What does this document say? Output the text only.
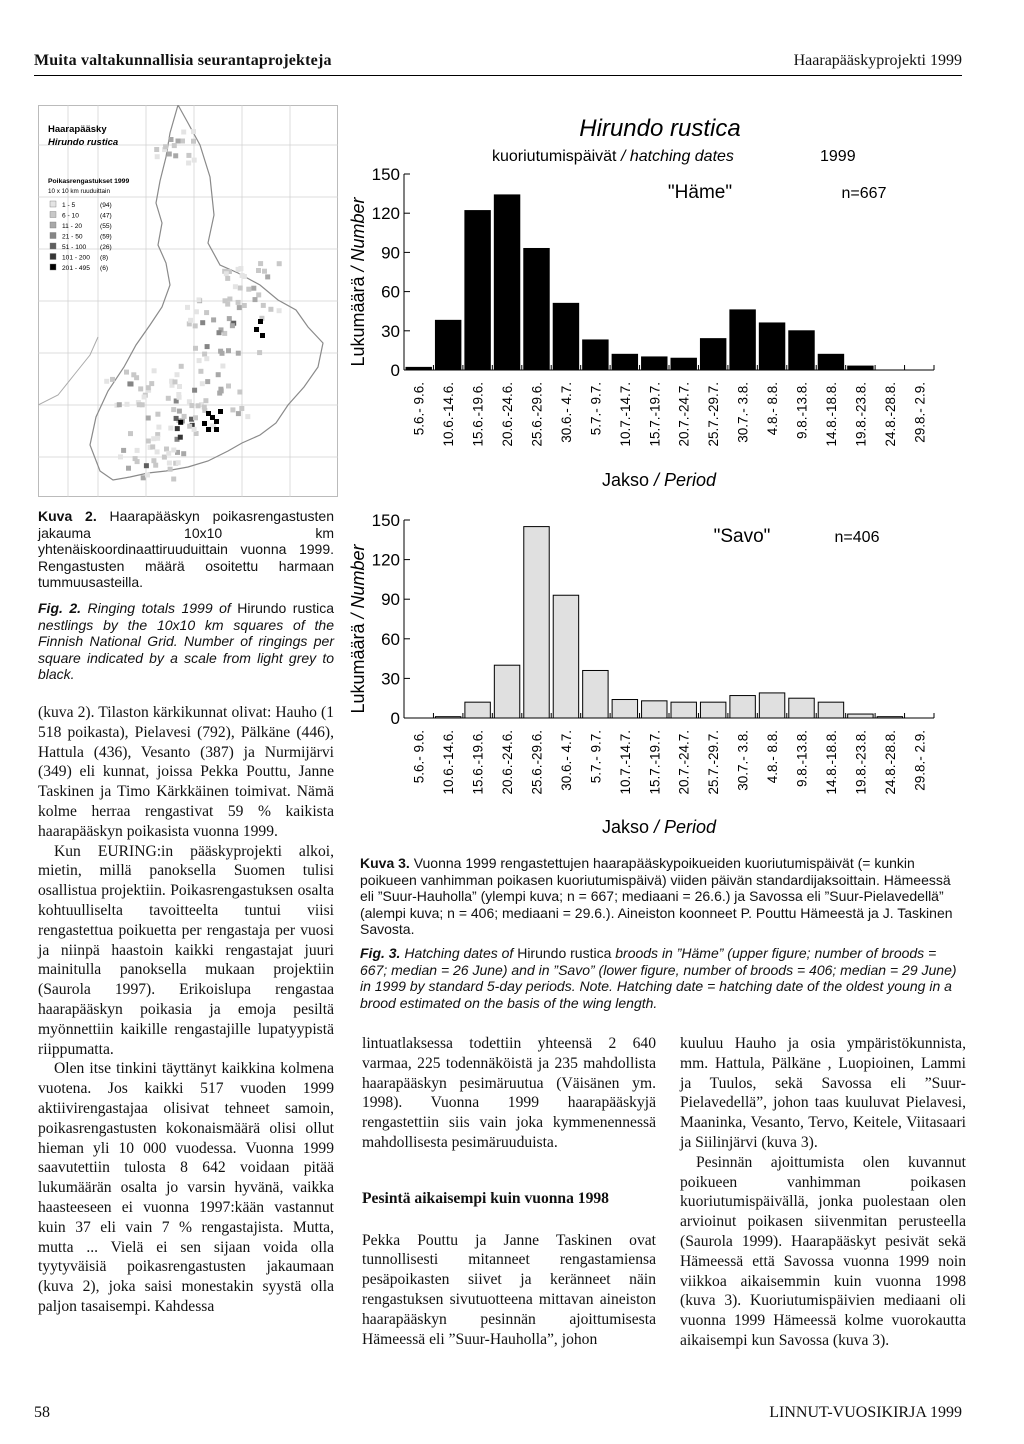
Muita valtakunnallisia seurantaprojekteja	Haarapääskyprojekti 1999
Haarapääsky
Hirundo rustica
Poikasrengastukset 1999
10 x 10 km ruuduittain
1 - 5	(94)
6 - 10	(47)
11 - 20	(55)
21 - 50	(59)
51 - 100 (26)
101 - 200 (8)
201 - 495 (6)
0
30
60
90
120
150
5.6.- 9.6. 10.6.-14.6. 15.6.-19.6. 20.6.-24.6. 25.6.-29.6. 30.6.- 4.7. 5.7.- 9.7. 10.7.-14.7. 15.7.-19.7. 20.7.-24.7. 25.7.-29.7. 30.7.- 3.8. 4.8.- 8.8. 9.8.-13.8. 14.8.-18.8. 19.8.-23.8. 24.8.-28.8. 29.8.- 2.9.
Lukumäärä / Number
Jakso / Period
"Häme"	n=667
Hirundo rustica
kuoriutumispäivät / hatching dates	1999
0
30
60
90
120
150
5.6.- 9.6. 10.6.-14.6. 15.6.-19.6. 20.6.-24.6. 25.6.-29.6. 30.6.- 4.7. 5.7.- 9.7. 10.7.-14.7. 15.7.-19.7. 20.7.-24.7. 25.7.-29.7. 30.7.- 3.8. 4.8.- 8.8. 9.8.-13.8. 14.8.-18.8. 19.8.-23.8. 24.8.-28.8. 29.8.- 2.9.
Lukumäärä / Number
Jakso / Period
"Savo"	n=406
Kuva 2. Haarapääskyn poikasrengastusten jakauma 10x10 km yhtenäiskoordinaattiruuduittain vuonna 1999. Rengastusten määrä osoitettu harmaan tummuusasteilla.
Fig. 2. Ringing totals 1999 of Hirundo rustica nestlings by the 10x10 km squares of the Finnish National Grid. Number of ringings per square indicated by a scale from light grey to black.

(kuva 2). Tilaston kärkikunnat olivat: Hauho (1 518 poikasta), Pielavesi (792), Pälkäne (446), Hattula (436), Vesanto (387) ja Nurmijärvi (349) eli kunnat, joissa Pekka Pouttu, Janne Taskinen ja Timo Kärkkäinen toimivat. Nämä kolme herraa rengastivat 59 % kaikista haarapääskyn poikasista vuonna 1999.

Kun EURING:in pääskyprojekti alkoi, mietin, millä panoksella Suomen tulisi osallistua projektiin. Poikasrengastuksen osalta kohtuulliselta tavoitteelta tuntui viisi rengastettua poikuetta per rengastaja per vuosi ja niinpä haastoin kaikki rengastajat juuri mainitulla panoksella mukaan projektiin (Saurola 1997). Erikoislupa rengastaa haarapääskyn poikasia ja emoja pesiltä myönnettiin kaikille rengastajille lupatyypistä riippumatta.

Olen itse tinkini täyttänyt kaikkina kolmena vuotena. Jos kaikki 517 vuoden 1999 aktiivirengastajaa olisivat tehneet samoin, poikasrengastusten kokonaismäärä olisi ollut hieman yli 10 000 vuodessa. Vuonna 1999 saavutettiin tulosta 8 642 voidaan pitää lukumäärän osalta jo varsin hyvänä, vaikka haasteeseen ei vuonna 1997:kään vastannut kuin 37 eli vain 7 % rengastajista. Mutta, mutta ... Vielä ei sen sijaan voida olla tyytyväisiä poikasrengastusten jakaumaan (kuva 2), joka saisi monestakin syystä olla paljon tasaisempi. Kahdessa

Kuva 3. Vuonna 1999 rengastettujen haarapääskypoikueiden kuoriutumispäivät (= kunkin poikueen vanhimman poikasen kuoriutumispäivä) viiden päivän standardijaksoittain. Hämeessä eli ”Suur-Hauholla” (ylempi kuva; n = 667; mediaani = 26.6.) ja Savossa eli ”Suur-Pielavedellä” (alempi kuva; n = 406; mediaani = 29.6.). Aineiston koonneet P. Pouttu Hämeestä ja J. Taskinen Savosta.
Fig. 3. Hatching dates of Hirundo rustica broods in ”Häme” (upper figure; number of broods = 667; median = 26 June) and in ”Savo” (lower figure, number of broods = 406; median = 29 June) in 1999 by standard 5-day periods. Note. Hatching date = hatching date of the oldest young in a brood estimated on the basis of the wing length.

lintuatlaksessa todettiin yhteensä 2 640 varmaa, 225 todennäköistä ja 235 mahdollista haarapääskyn pesimäruutua (Väisänen ym. 1998). Vuonna 1999 haarapääskyjä rengastettiin siis vain joka kymmenennessä mahdollisesta pesimäruuduista.

Pesintä aikaisempi kuin vuonna 1998

Pekka Pouttu ja Janne Taskinen ovat tunnollisesti mitanneet rengastamiensa pesäpoikasten siivet ja keränneet näin rengastuksen sivutuotteena mittavan aineiston haarapääskyn pesinnän ajoittumisesta Hämeessä eli ”Suur-Hauholla”, johon

kuuluu Hauho ja osia ympäristökunnista, mm. Hattula, Pälkäne , Luopioinen, Lammi ja Tuulos, sekä Savossa eli ”Suur-Pielavedellä”, johon taas kuuluvat Pielavesi, Maaninka, Vesanto, Tervo, Keitele, Viitasaari ja Siilinjärvi (kuva 3).

Pesinnän ajoittumista olen kuvannut poikueen vanhimman poikasen kuoriutumispäivällä, jonka puolestaan olen arvioinut poikasen siivenmitan perusteella (Saurola 1999). Haarapääskyt pesivät sekä Hämeessä että Savossa vuonna 1999 noin viikkoa aikaisemmin kuin vuonna 1998 (kuva 3). Kuoriutumispäivien mediaani oli vuonna 1999 Hämeessä kolme vuorokautta aikaisempi kun Savossa (kuva 3).

58	LINNUT-VUOSIKIRJA 1999
